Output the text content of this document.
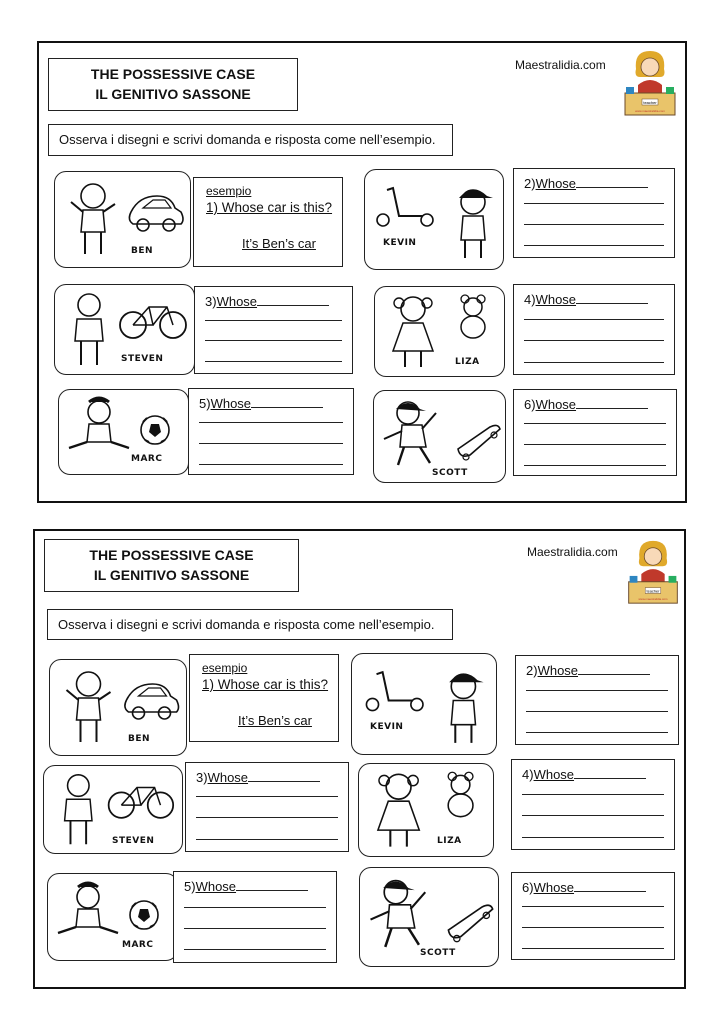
THE POSSESSIVE CASE
IL GENITIVO SASSONE
Maestralidia.com
teacher
www.maestralidia.com
Osserva i disegni e scrivi domanda e risposta come nell’esempio.
BEN
esempio
1) Whose car is this?
It’s Ben’s car	KEVIN
2)Whose
STEVEN
3)Whose
LIZA
4)Whose
MARC
5)Whose
SCOTT
6)Whose
THE POSSESSIVE CASE
IL GENITIVO SASSONE
Maestralidia.com
teacher
www.maestralidia.com
Osserva i disegni e scrivi domanda e risposta come nell’esempio.
BEN
esempio
1) Whose car is this?
It’s Ben’s car	KEVIN
2)Whose
STEVEN
3)Whose
LIZA
4)Whose
MARC
5)Whose
SCOTT
6)Whose
